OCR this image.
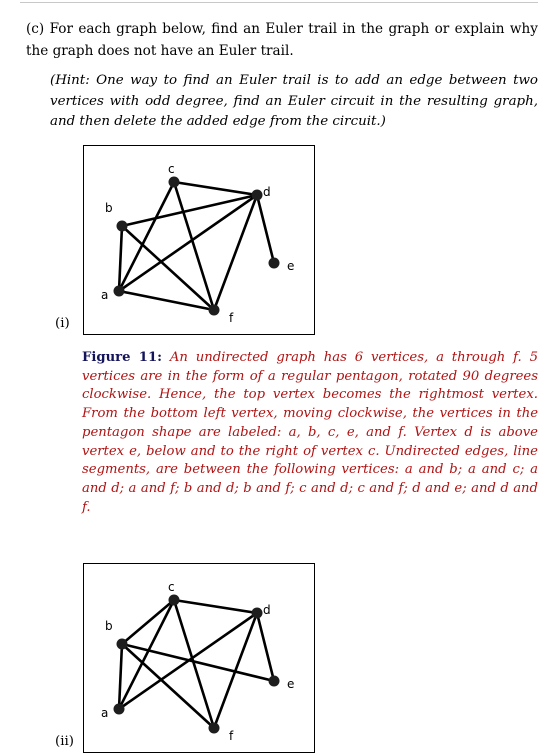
(c) For each graph below, find an Euler trail in the graph or explain why the graph does not have an Euler trail.
(Hint: One way to find an Euler trail is to add an edge between two vertices with odd degree, find an Euler circuit in the resulting graph, and then delete the added edge from the circuit.)
a
b
c
d
e
f
(i)
Figure 11: An undirected graph has 6 vertices, a through f. 5 vertices are in the form of a regular pentagon, rotated 90 degrees clockwise. Hence, the top vertex becomes the rightmost vertex. From the bottom left vertex, moving clockwise, the vertices in the pentagon shape are labeled: a, b, c, e, and f. Vertex d is above vertex e, below and to the right of vertex c. Undirected edges, line segments, are between the following vertices: a and b; a and c; a and d; a and f; b and d; b and f; c and d; c and f; d and e; and d and f.
a
b
c
d
e
f
(ii)
